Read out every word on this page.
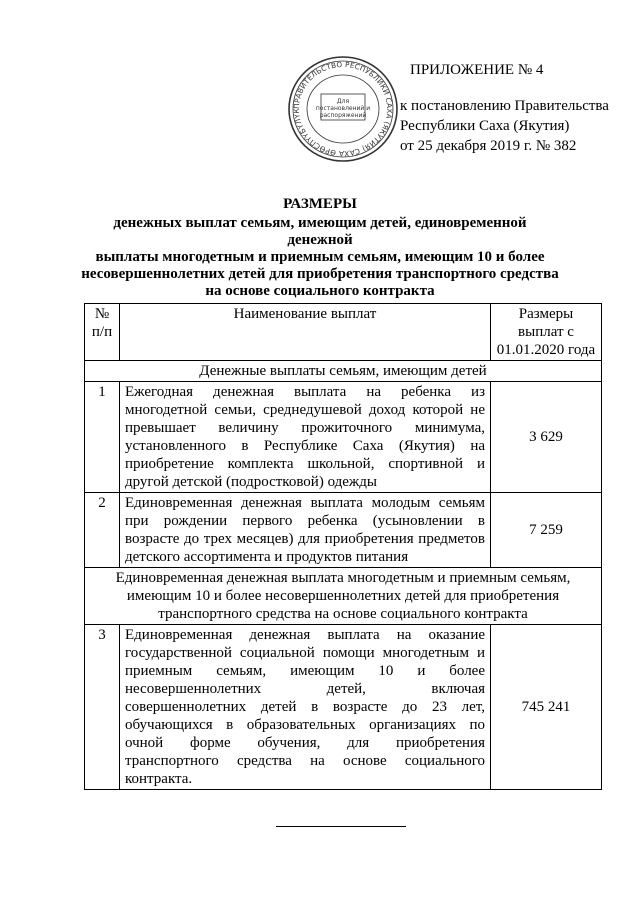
ПРАВИТЕЛЬСТВО РЕСПУБЛИКИ САХА (ЯКУТИЯ) САХА ӨРӨСПҮҮБҮЛҮК
Для
постановлений и
распоряжений
ПРИЛОЖЕНИЕ № 4
к постановлению Правительства
Республики Саха (Якутия)
от 25 декабря 2019 г. № 382
РАЗМЕРЫ
денежных выплат семьям, имеющим детей, единовременной денежной
выплаты многодетным и приемным семьям, имеющим 10 и более
несовершеннолетних детей для приобретения транспортного средства
на основе социального контракта
№ п/п	Наименование выплат	Размеры выплат с 01.01.2020 года
Денежные выплаты семьям, имеющим детей		
1	Ежегодная денежная выплата на ребенка из многодетной семьи, среднедушевой доход которой не превышает величину прожиточного минимума, установленного в Республике Саха (Якутия) на приобретение комплекта школьной, спортивной и другой детской (подростковой) одежды	3 629
2	Единовременная денежная выплата молодым семьям при рождении первого ребенка (усыновлении в возрасте до трех месяцев) для приобретения предметов детского ассортимента и продуктов питания	7 259
Единовременная денежная выплата многодетным и приемным семьям, имеющим 10 и более несовершеннолетних детей для приобретения транспортного средства на основе социального контракта		
3	Единовременная денежная выплата на оказание государственной социальной помощи многодетным и приемным семьям, имеющим 10 и более несовершеннолетних детей, включая совершеннолетних детей в возрасте до 23 лет, обучающихся в образовательных организациях по очной форме обучения, для приобретения транспортного средства на основе социального контракта.	745 241
